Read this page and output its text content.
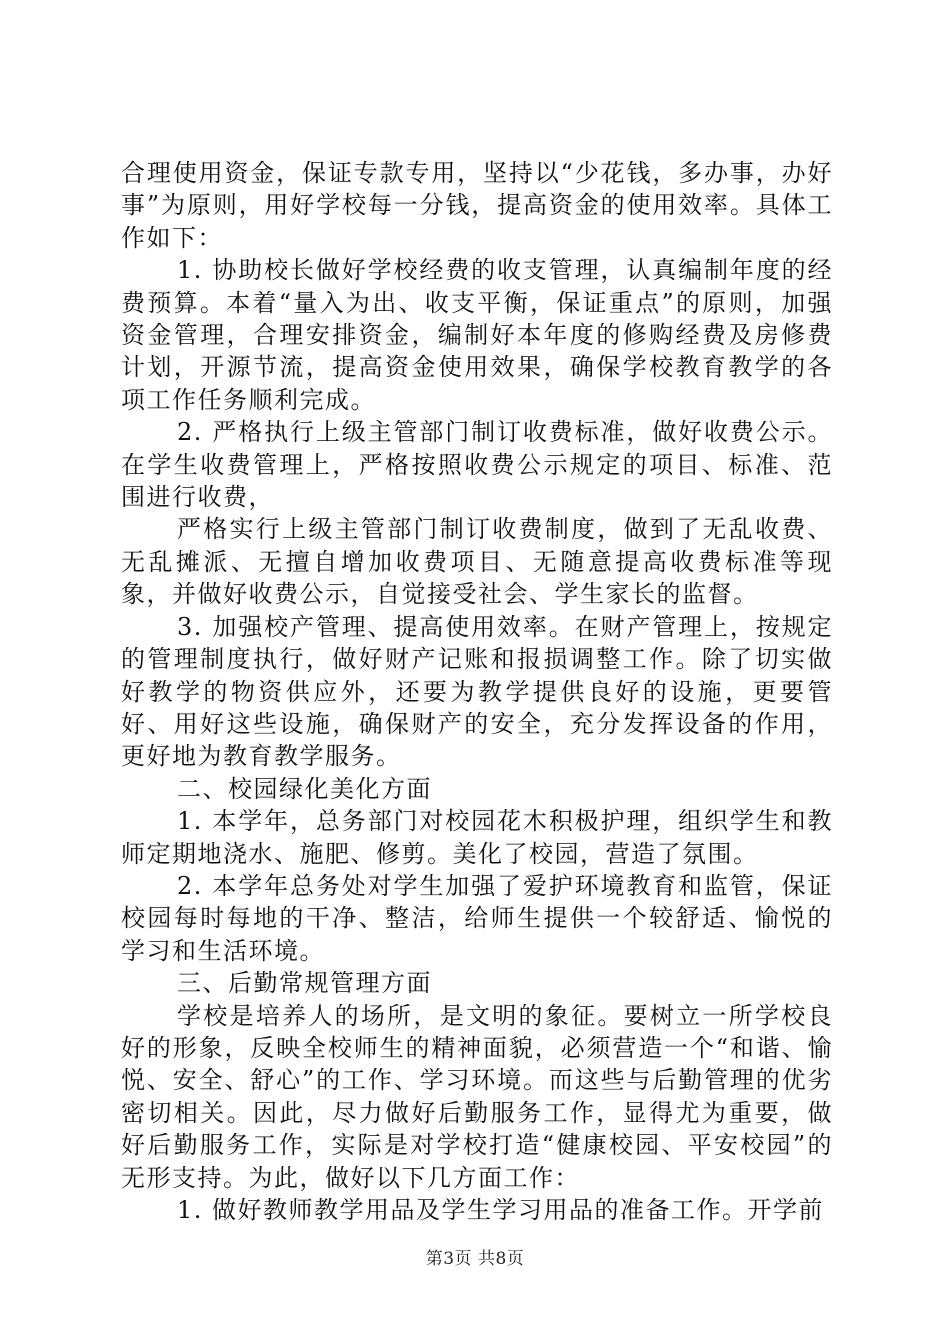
合理使用资金，保证专款专用，坚持以“少花钱，多办事，办好事”为原则，用好学校每一分钱，提高资金的使用效率。具体工作如下：

1. 协助校长做好学校经费的收支管理，认真编制年度的经费预算。本着“量入为出、收支平衡，保证重点”的原则，加强资金管理，合理安排资金，编制好本年度的修购经费及房修费计划，开源节流，提高资金使用效果，确保学校教育教学的各项工作任务顺利完成。

2. 严格执行上级主管部门制订收费标准，做好收费公示。在学生收费管理上，严格按照收费公示规定的项目、标准、范围进行收费，

严格实行上级主管部门制订收费制度，做到了无乱收费、无乱摊派、无擅自增加收费项目、无随意提高收费标准等现象，并做好收费公示，自觉接受社会、学生家长的监督。

3. 加强校产管理、提高使用效率。在财产管理上，按规定的管理制度执行，做好财产记账和报损调整工作。除了切实做好教学的物资供应外，还要为教学提供良好的设施，更要管好、用好这些设施，确保财产的安全，充分发挥设备的作用，更好地为教育教学服务。

二、校园绿化美化方面

1. 本学年，总务部门对校园花木积极护理，组织学生和教师定期地浇水、施肥、修剪。美化了校园，营造了氛围。

2. 本学年总务处对学生加强了爱护环境教育和监管，保证校园每时每地的干净、整洁，给师生提供一个较舒适、愉悦的学习和生活环境。

三、后勤常规管理方面

学校是培养人的场所，是文明的象征。要树立一所学校良好的形象，反映全校师生的精神面貌，必须营造一个“和谐、愉悦、安全、舒心”的工作、学习环境。而这些与后勤管理的优劣密切相关。因此，尽力做好后勤服务工作，显得尤为重要，做好后勤服务工作，实际是对学校打造“健康校园、平安校园”的无形支持。为此，做好以下几方面工作：

1. 做好教师教学用品及学生学习用品的准备工作。开学前

第3页 共8页
